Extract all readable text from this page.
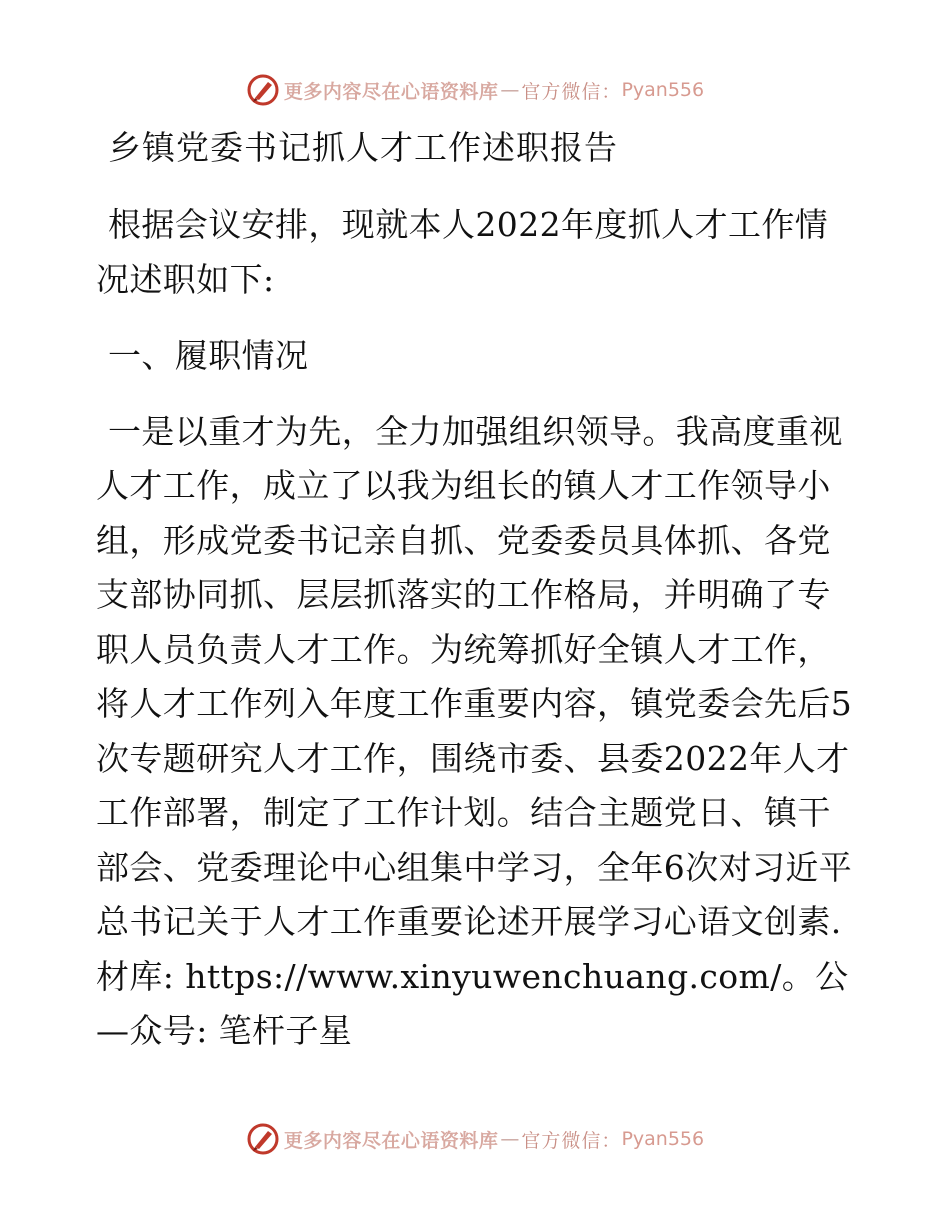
更多内容尽在心语资料库 — 官方微信： Pyan556
乡镇党委书记抓人才工作述职报告

根据会议安排，现就本人2022年度抓人才工作情况述职如下:

一、履职情况

一是以重才为先，全力加强组织领导。我高度重视人才工作，成立了以我为组长的镇人才工作领导小组，形成党委书记亲自抓、党委委员具体抓、各党支部协同抓、层层抓落实的工作格局，并明确了专职人员负责人才工作。为统筹抓好全镇人才工作，将人才工作列入年度工作重要内容，镇党委会先后5次专题研究人才工作，围绕市委、县委2022年人才工作部署，制定了工作计划。结合主题党日、镇干部会、党委理论中心组集中学习，全年6次对习近平总书记关于人才工作重要论述开展学习心语文创素.材库: https://www.xinyuwenchuang.com/。公—众号: 笔杆子星

更多内容尽在心语资料库 — 官方微信： Pyan556
